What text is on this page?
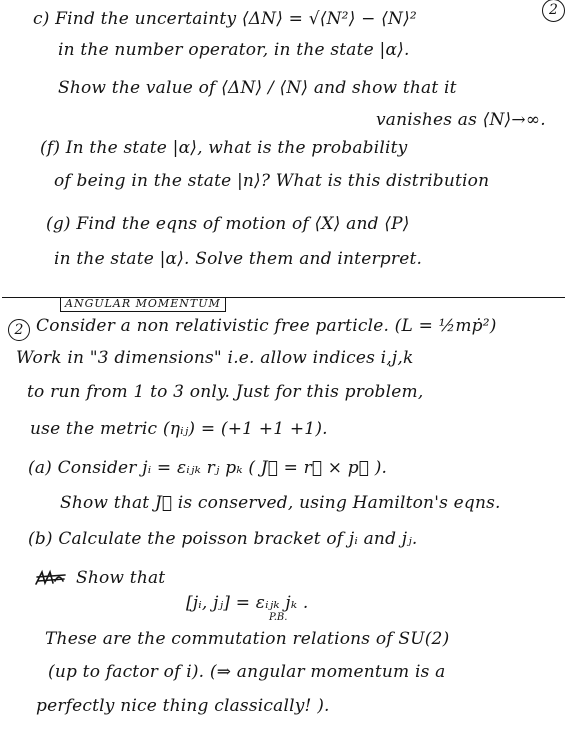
2
c) Find the uncertainty ⟨ΔN⟩ = √⟨N²⟩ − ⟨N⟩²
in the number operator, in the state |α⟩.
Show the value of ⟨ΔN⟩ / ⟨N⟩ and show that it
vanishes as ⟨N⟩→∞.
(f) In the state |α⟩, what is the probability
of being in the state |n⟩? What is this distribution
(g) Find the eqns of motion of ⟨X⟩ and ⟨P⟩
in the state |α⟩. Solve them and interpret.
ANGULAR MOMENTUM
2 Consider a non relativistic free particle. (L = ½mṗ²)
Work in "3 dimensions" i.e. allow indices i,j,k
to run from 1 to 3 only. Just for this problem,
use the metric (ηᵢⱼ) = (+1 +1 +1).
(a) Consider jᵢ = εᵢⱼₖ rⱼ pₖ ( J⃗ = r⃗ × p⃗ ).
Show that J⃗ is conserved, using Hamilton's eqns.
(b) Calculate the poisson bracket of jᵢ and jⱼ.
Show that
[jᵢ, jⱼ] = εᵢⱼₖ jₖ .
P.B.
These are the commutation relations of SU(2)
(up to factor of i). (⇒ angular momentum is a
perfectly nice thing classically! ).
